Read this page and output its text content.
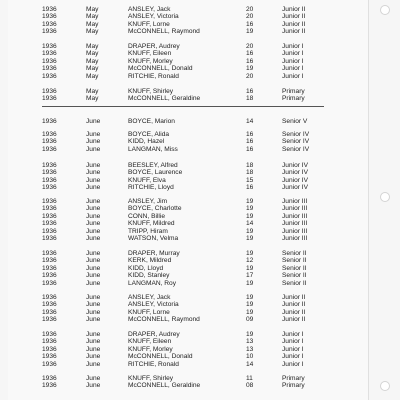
1936	May	ANSLEY, Jack	20	Junior II
1936	May	ANSLEY, Victoria	20	Junior II
1936	May	KNUFF, Lorne	16	Junior II
1936	May	McCONNELL, Raymond	19	Junior II
1936	May	DRAPER, Audrey	20	Junior I
1936	May	KNUFF, Eileen	16	Junior I
1936	May	KNUFF, Morley	16	Junior I
1936	May	McCONNELL, Donald	19	Junior I
1936	May	RITCHIE, Ronald	20	Junior I
1936	May	KNUFF, Shirley	16	Primary
1936	May	McCONNELL, Geraldine	18	Primary
1936	June	BOYCE, Marion	14	Senior V
1936	June	BOYCE, Alida	16	Senior IV
1936	June	KIDD, Hazel	16	Senior IV
1936	June	LANGMAN, Miss	16	Senior IV
1936	June	BEESLEY, Alfred	18	Junior IV
1936	June	BOYCE, Laurence	18	Junior IV
1936	June	KNUFF, Elva	15	Junior IV
1936	June	RITCHIE, Lloyd	16	Junior IV
1936	June	ANSLEY, Jim	19	Junior III
1936	June	BOYCE, Charlotte	19	Junior III
1936	June	CONN, Billie	19	Junior III
1936	June	KNUFF, Mildred	14	Junior III
1936	June	TRIPP, Hiram	19	Junior III
1936	June	WATSON, Velma	19	Junior III
1936	June	DRAPER, Murray	19	Senior II
1936	June	KERK, Mildred	12	Senior II
1936	June	KIDD, Lloyd	19	Senior II
1936	June	KIDD, Stanley	17	Senior II
1936	June	LANGMAN, Roy	19	Senior II
1936	June	ANSLEY, Jack	19	Junior II
1936	June	ANSLEY, Victoria	19	Junior II
1936	June	KNUFF, Lorne	19	Junior II
1936	June	McCONNELL, Raymond	09	Junior II
1936	June	DRAPER, Audrey	19	Junior I
1936	June	KNUFF, Eileen	13	Junior I
1936	June	KNUFF, Morley	13	Junior I
1936	June	McCONNELL, Donald	10	Junior I
1936	June	RITCHIE, Ronald	14	Junior I
1936	June	KNUFF, Shirley	11	Primary
1936	June	McCONNELL, Geraldine	08	Primary
